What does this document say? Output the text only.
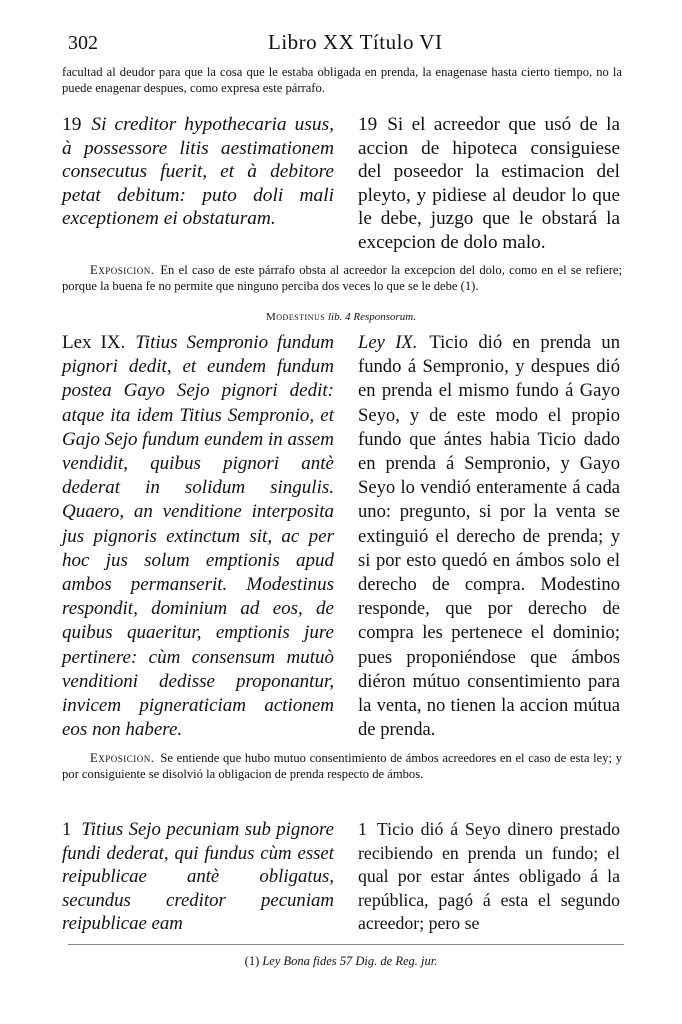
302	Libro XX Título VI
facultad al deudor para que la cosa que le estaba obligada en prenda, la enagenase hasta cierto tiempo, no la puede enagenar despues, como expresa este párrafo.
19 Si creditor hypothecaria usus, à possessore litis aestimationem consecutus fuerit, et à debitore petat debitum: puto doli mali exceptionem ei obstaturam.
19 Si el acreedor que usó de la accion de hipoteca consiguiese del poseedor la estimacion del pleyto, y pidiese al deudor lo que le debe, juzgo que le obstará la excepcion de dolo malo.
Exposicion. En el caso de este párrafo obsta al acreedor la excepcion del dolo, como en el se refiere; porque la buena fe no permite que ninguno perciba dos veces lo que se le debe (1).
Modestinus lib. 4 Responsorum.
Lex IX. Titius Sempronio fundum pignori dedit, et eundem fundum postea Gayo Sejo pignori dedit: atque ita idem Titius Sempronio, et Gajo Sejo fundum eundem in assem vendidit, quibus pignori antè dederat in solidum singulis. Quaero, an venditione interposita jus pignoris extinctum sit, ac per hoc jus solum emptionis apud ambos permanserit. Modestinus respondit, dominium ad eos, de quibus quaeritur, emptionis jure pertinere: cùm consensum mutuò venditioni dedisse proponantur, invicem pigneraticiam actionem eos non habere.
Ley IX. Ticio dió en prenda un fundo á Sempronio, y despues dió en prenda el mismo fundo á Gayo Seyo, y de este modo el propio fundo que ántes habia Ticio dado en prenda á Sempronio, y Gayo Seyo lo vendió enteramente á cada uno: pregunto, si por la venta se extinguió el derecho de prenda; y si por esto quedó en ámbos solo el derecho de compra. Modestino responde, que por derecho de compra les pertenece el dominio; pues proponiéndose que ámbos diéron mútuo consentimiento para la venta, no tienen la accion mútua de prenda.
Exposicion. Se entiende que hubo mutuo consentimiento de ámbos acreedores en el caso de esta ley; y por consiguiente se disolvió la obligacion de prenda respecto de ámbos.
1 Titius Sejo pecuniam sub pignore fundi dederat, qui fundus cùm esset reipublicae antè obligatus, secundus creditor pecuniam reipublicae eam
1 Ticio dió á Seyo dinero prestado recibiendo en prenda un fundo; el qual por estar ántes obligado á la república, pagó á esta el segundo acreedor; pero se
(1) Ley Bona fides 57 Dig. de Reg. jur.
